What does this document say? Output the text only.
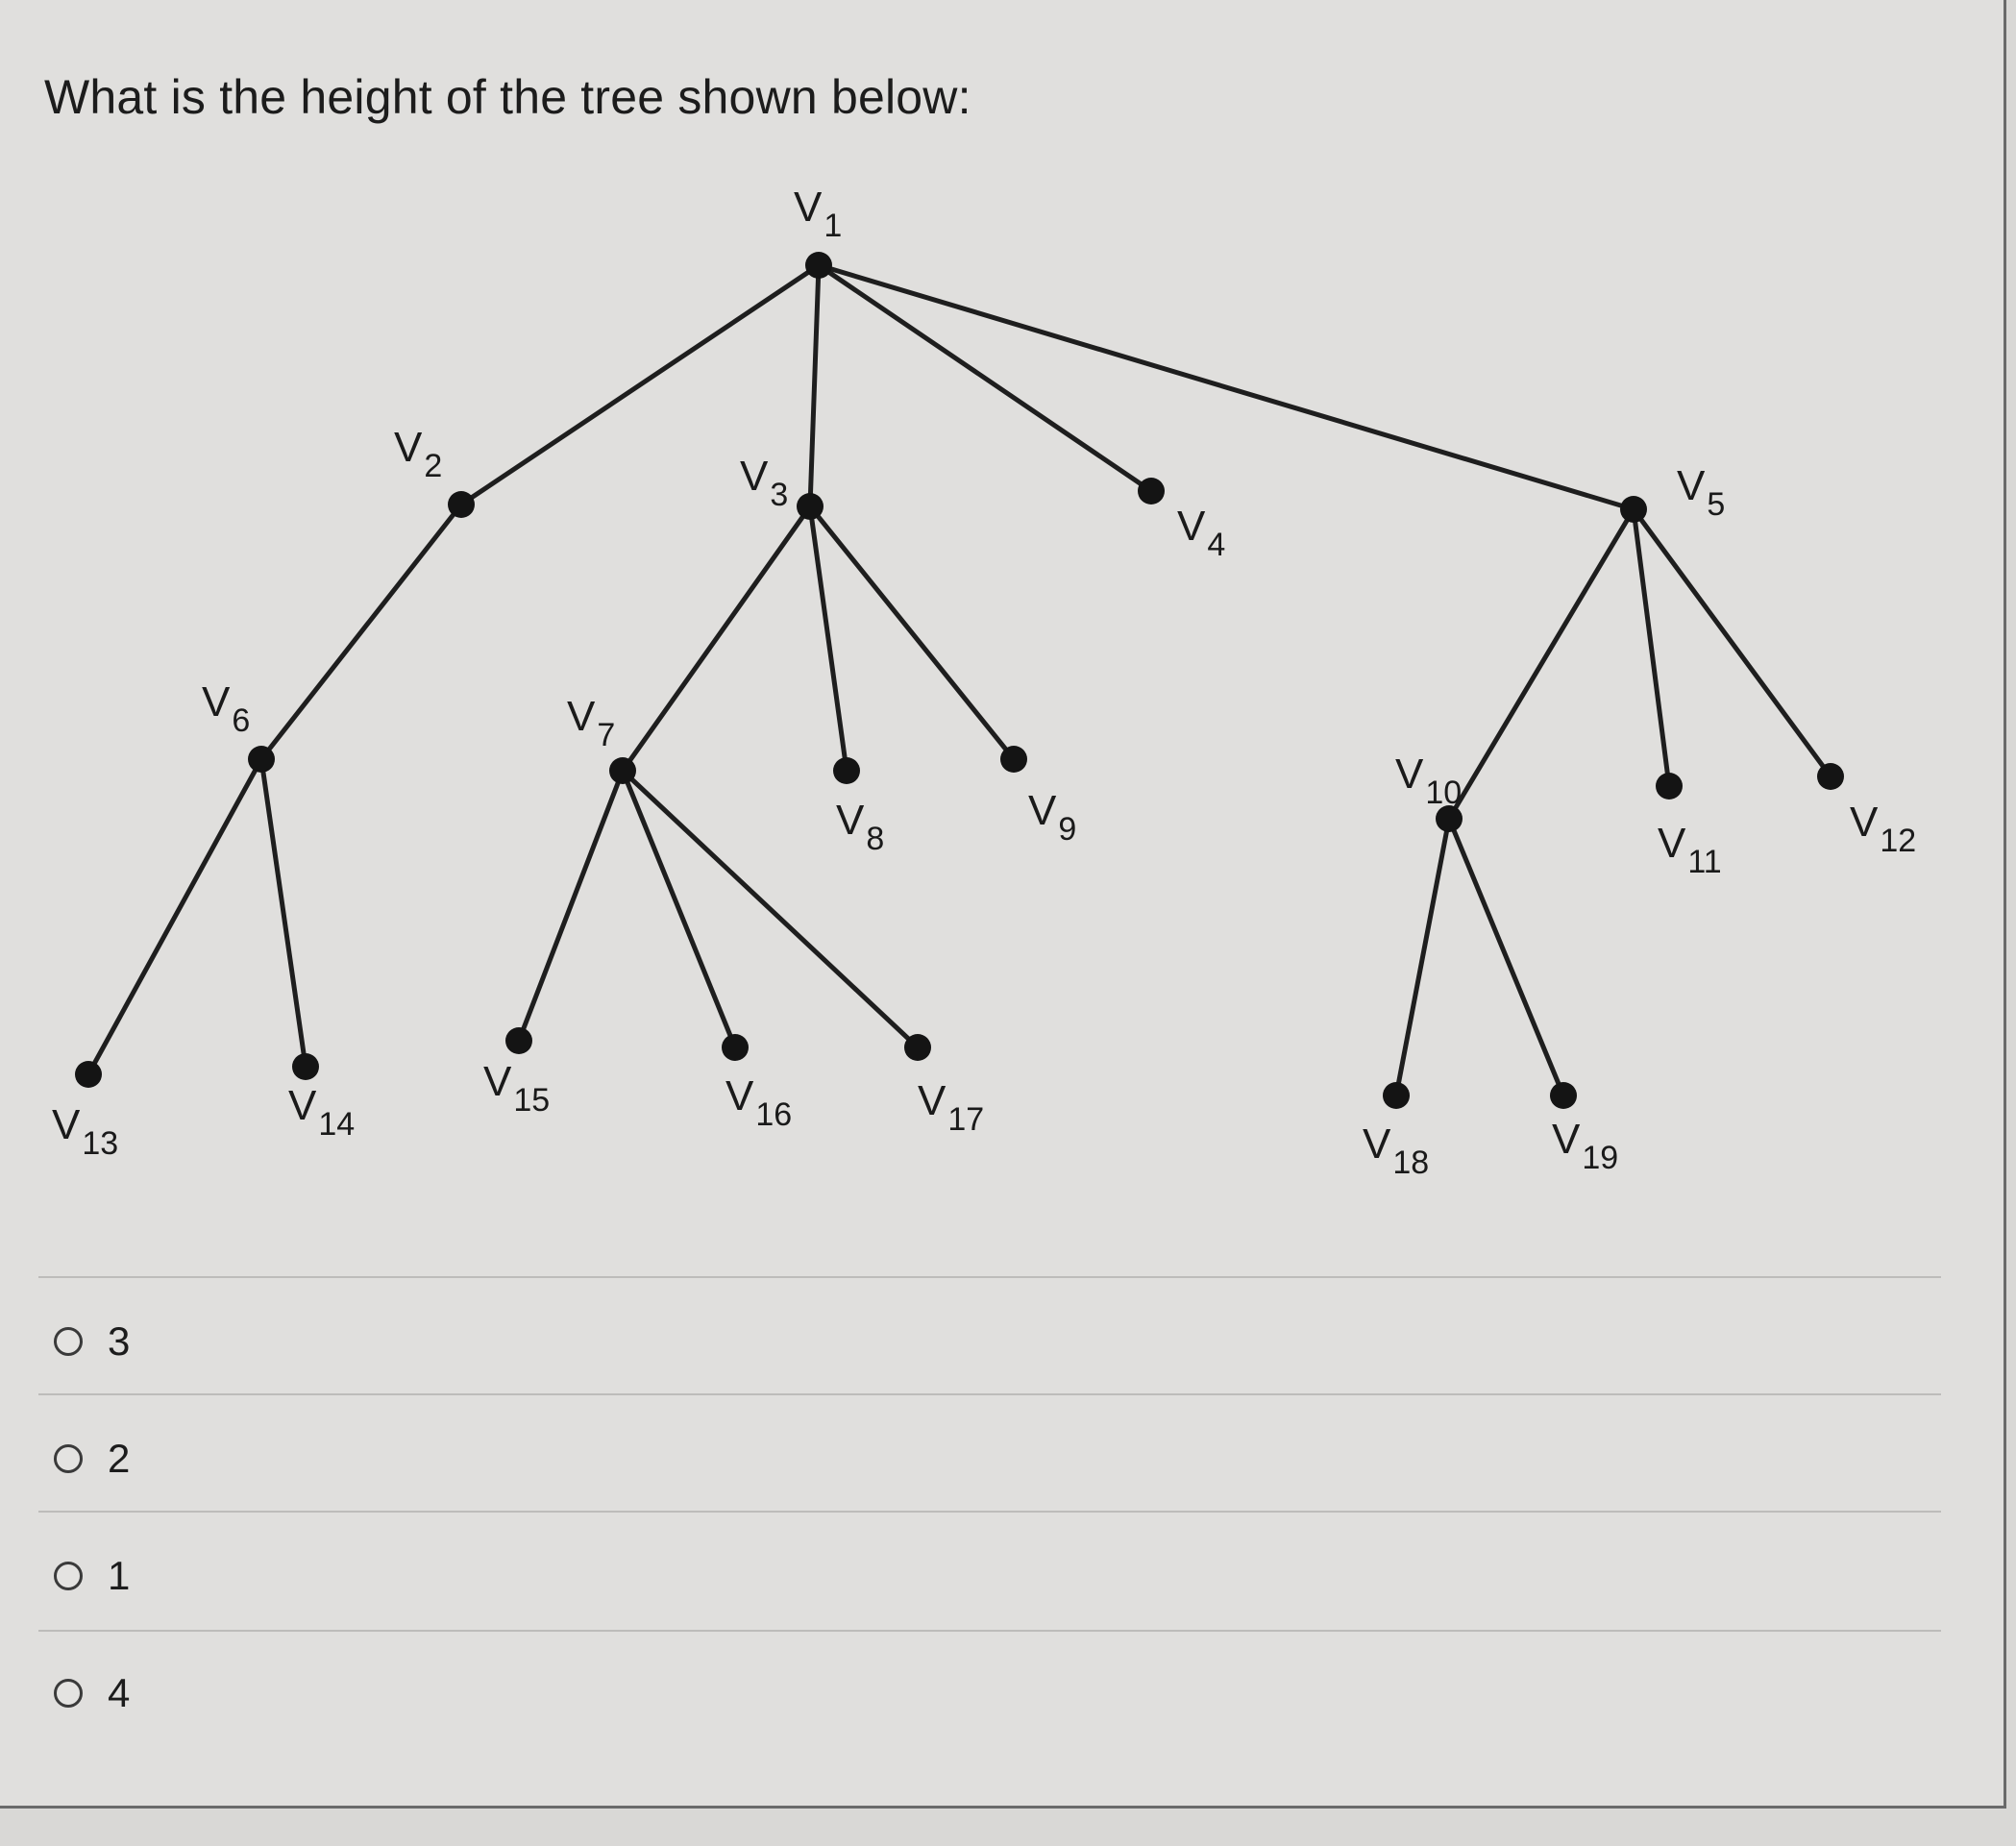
What is the height of the tree shown below:
$V_1$
$V_2$	$V_3$
$V_4$
$V_5$
$V_6$	$V_7$
$V_8$
$V_9$
$V_{10}$
$V_{11}$
$V_{12}$
$V_{13}$
$V_{14}$
$V_{15}$	$V_{16}$	$V_{17}$
$V_{18}$	$V_{19}$
3
2
1
4
